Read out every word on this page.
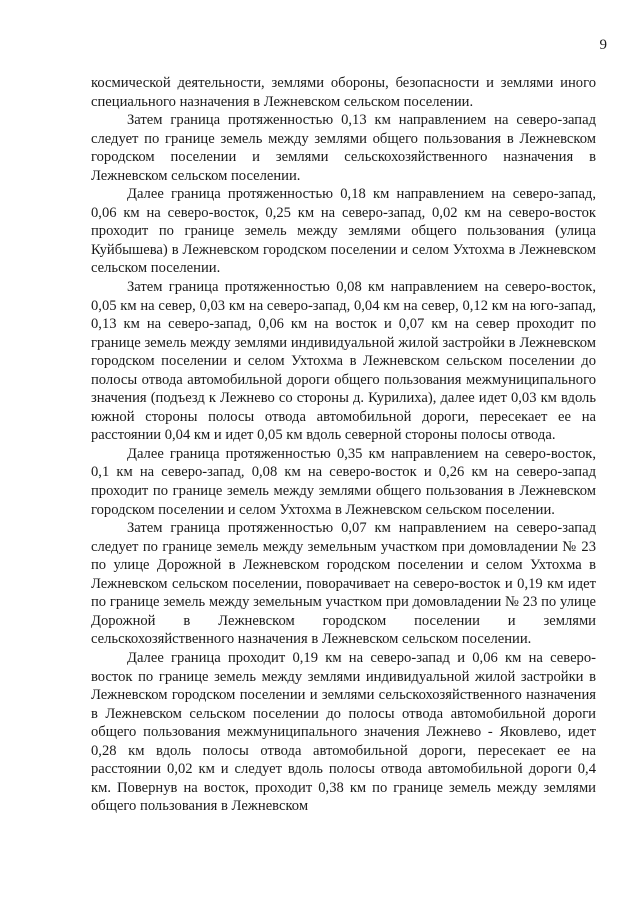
9

космической деятельности, землями обороны, безопасности и землями иного специального назначения в Лежневском сельском поселении.

Затем граница протяженностью 0,13 км направлением на северо-запад следует по границе земель между землями общего пользования в Лежневском городском поселении и землями сельскохозяйственного назначения в Лежневском сельском поселении.

Далее граница протяженностью 0,18 км направлением на северо-запад, 0,06 км на северо-восток, 0,25 км на северо-запад, 0,02 км на северо-восток проходит по границе земель между землями общего пользования (улица Куйбышева) в Лежневском городском поселении и селом Ухтохма в Лежневском сельском поселении.

Затем граница протяженностью 0,08 км направлением на северо-восток, 0,05 км на север, 0,03 км на северо-запад, 0,04 км на север, 0,12 км на юго-запад, 0,13 км на северо-запад, 0,06 км на восток и 0,07 км на север проходит по границе земель между землями индивидуальной жилой застройки в Лежневском городском поселении и селом Ухтохма в Лежневском сельском поселении до полосы отвода автомобильной дороги общего пользования межмуниципального значения (подъезд к Лежнево со стороны д. Курилиха), далее идет 0,03 км вдоль южной стороны полосы отвода автомобильной дороги, пересекает ее на расстоянии 0,04 км и идет 0,05 км вдоль северной стороны полосы отвода.

Далее граница протяженностью 0,35 км направлением на северо-восток, 0,1 км на северо-запад, 0,08 км на северо-восток и 0,26 км на северо-запад проходит по границе земель между землями общего пользования в Лежневском городском поселении и селом Ухтохма в Лежневском сельском поселении.

Затем граница протяженностью 0,07 км направлением на северо-запад следует по границе земель между земельным участком при домовладении № 23 по улице Дорожной в Лежневском городском поселении и селом Ухтохма в Лежневском сельском поселении, поворачивает на северо-восток и 0,19 км идет по границе земель между земельным участком при домовладении № 23 по улице Дорожной в Лежневском городском поселении и землями сельскохозяйственного назначения в Лежневском сельском поселении.

Далее граница проходит 0,19 км на северо-запад и 0,06 км на северо-восток по границе земель между землями индивидуальной жилой застройки в Лежневском городском поселении и землями сельскохозяйственного назначения в Лежневском сельском поселении до полосы отвода автомобильной дороги общего пользования межмуниципального значения Лежнево - Яковлево, идет 0,28 км вдоль полосы отвода автомобильной дороги, пересекает ее на расстоянии 0,02 км и следует вдоль полосы отвода автомобильной дороги 0,4 км. Повернув на восток, проходит 0,38 км по границе земель между землями общего пользования в Лежневском
